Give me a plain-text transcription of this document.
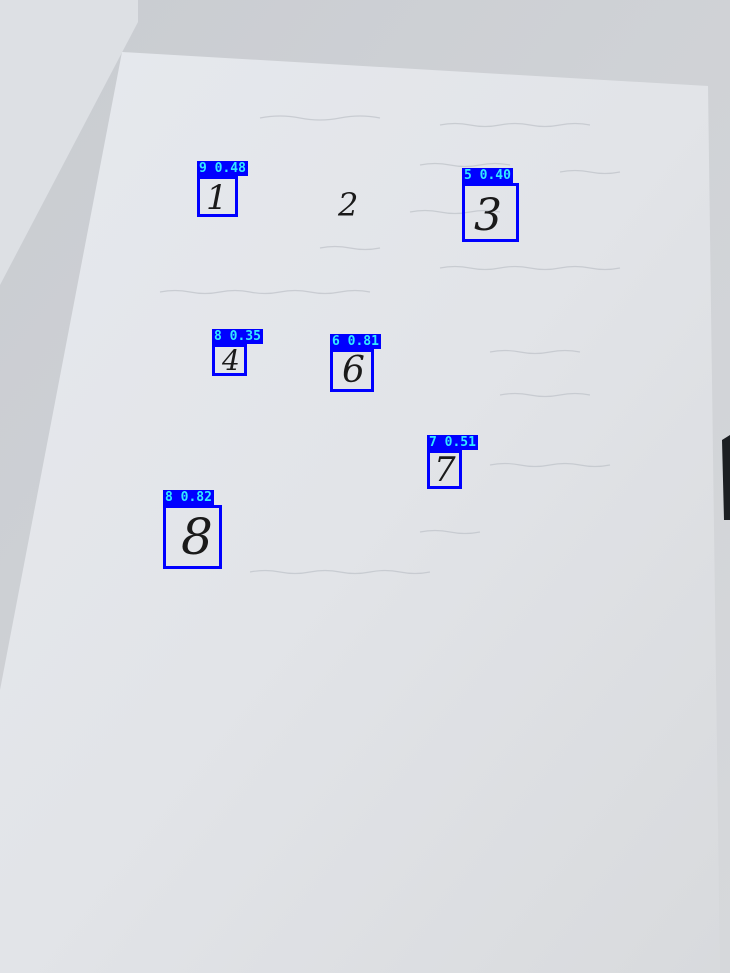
1	2	3
4	6
7
8
9 0.48	5 0.40
8 0.35	6 0.81
7 0.51
8 0.82
